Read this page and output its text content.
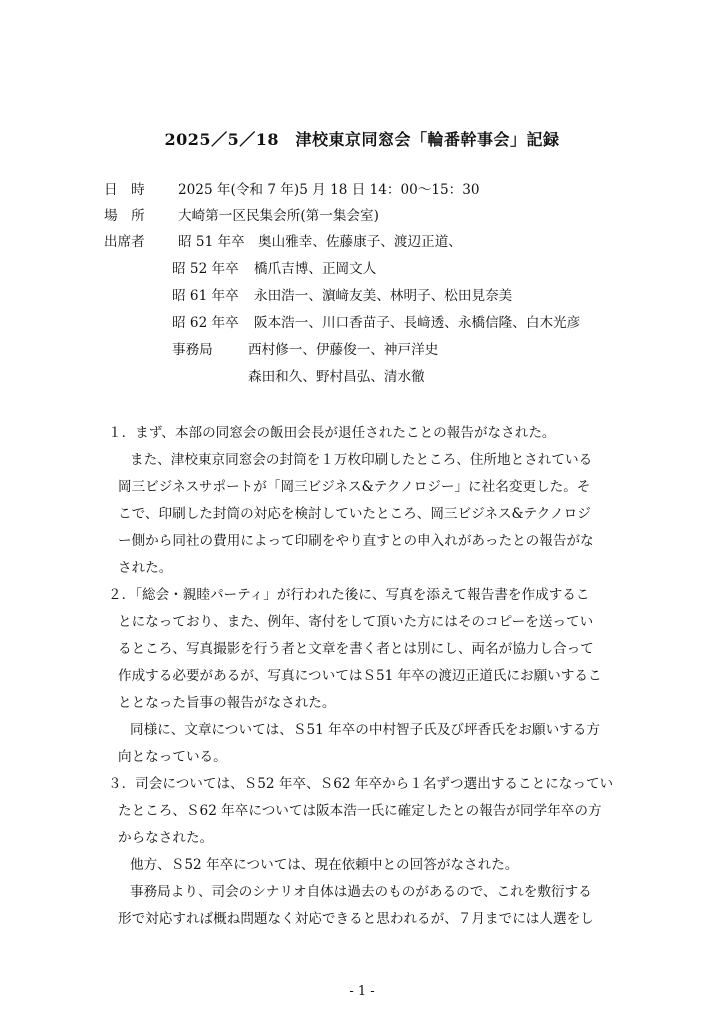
2025／5／18　津校東京同窓会「輪番幹事会」記録
日　時 2025 年(令和 7 年)5 月 18 日 14：00〜15：30
場　所 大崎第一区民集会所(第一集会室)
出席者 昭 51 年卒 奥山雅幸、佐藤康子、渡辺正道、
昭 52 年卒 橋爪吉博、正岡文人
昭 61 年卒 永田浩一、濵﨑友美、林明子、松田見奈美
昭 62 年卒 阪本浩一、川口香苗子、長﨑透、永橋信隆、白木光彦
事務局	西村修一、伊藤俊一、神戸洋史
森田和久、野村昌弘、清水徹
１．まず、本部の同窓会の飯田会長が退任されたことの報告がなされた。
また、津校東京同窓会の封筒を１万枚印刷したところ、住所地とされている
岡三ビジネスサポートが「岡三ビジネス&テクノロジー」に社名変更した。そ
こで、印刷した封筒の対応を検討していたところ、岡三ビジネス&テクノロジ
ー側から同社の費用によって印刷をやり直すとの申入れがあったとの報告がな
された。
２．「総会・親睦パーティ」が行われた後に、写真を添えて報告書を作成するこ
とになっており、また、例年、寄付をして頂いた方にはそのコピーを送ってい
るところ、写真撮影を行う者と文章を書く者とは別にし、両名が協力し合って
作成する必要があるが、写真についてはＳ51 年卒の渡辺正道氏にお願いするこ
ととなった旨事の報告がなされた。
同様に、文章については、Ｓ51 年卒の中村智子氏及び坪香氏をお願いする方
向となっている。
３．司会については、Ｓ52 年卒、Ｓ62 年卒から１名ずつ選出することになってい
たところ、Ｓ62 年卒については阪本浩一氏に確定したとの報告が同学年卒の方
からなされた。
他方、Ｓ52 年卒については、現在依頼中との回答がなされた。
事務局より、司会のシナリオ自体は過去のものがあるので、これを敷衍する
形で対応すれば概ね問題なく対応できると思われるが、７月までには人選をし
- 1 -
